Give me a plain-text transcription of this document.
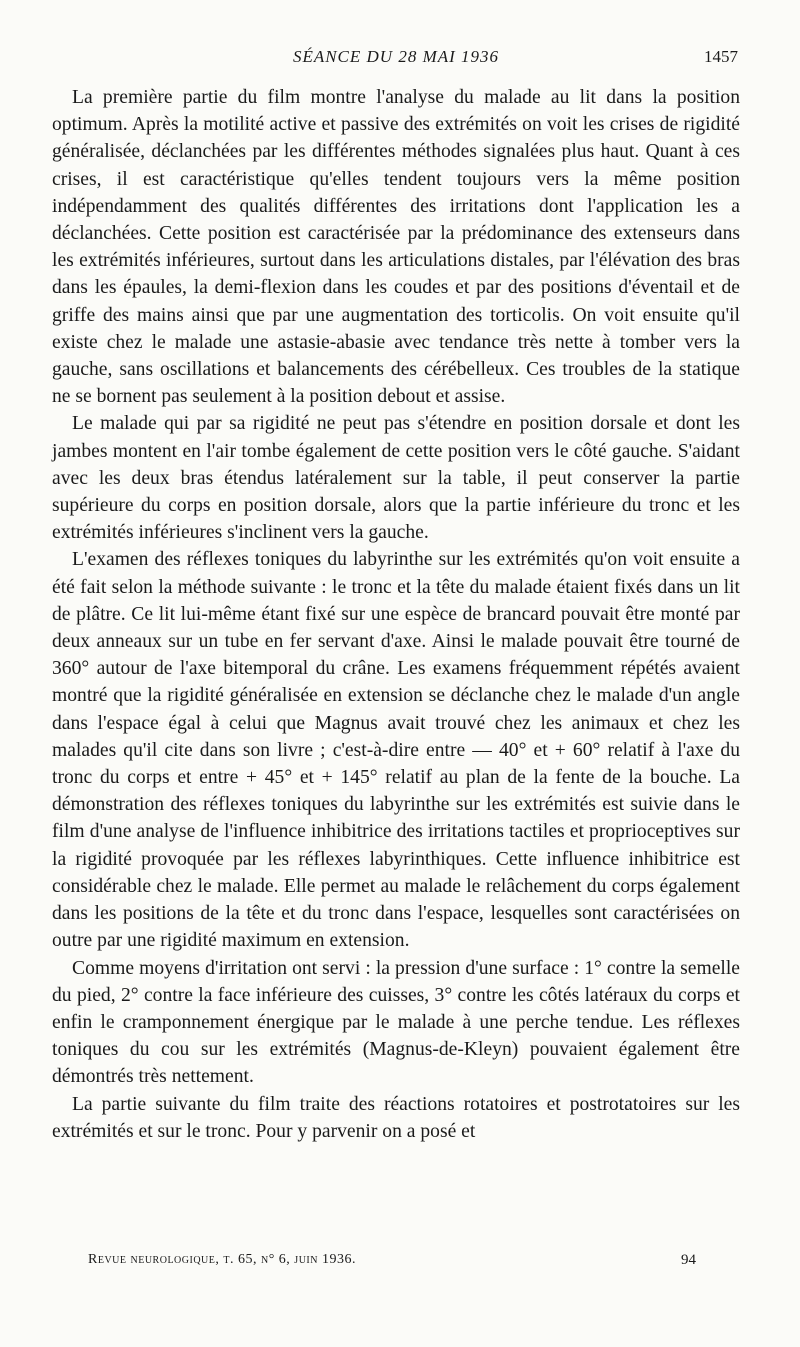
SÉANCE DU 28 MAI 1936	1457

La première partie du film montre l'analyse du malade au lit dans la position optimum. Après la motilité active et passive des extrémités on voit les crises de rigidité généralisée, déclanchées par les différentes méthodes signalées plus haut. Quant à ces crises, il est caractéristique qu'elles tendent toujours vers la même position indépendamment des qualités différentes des irritations dont l'application les a déclanchées. Cette position est caractérisée par la prédominance des extenseurs dans les extrémités inférieures, surtout dans les articulations distales, par l'élévation des bras dans les épaules, la demi-flexion dans les coudes et par des positions d'éventail et de griffe des mains ainsi que par une augmentation des torticolis. On voit ensuite qu'il existe chez le malade une astasie-abasie avec tendance très nette à tomber vers la gauche, sans oscillations et balancements des cérébelleux. Ces troubles de la statique ne se bornent pas seulement à la position debout et assise.

Le malade qui par sa rigidité ne peut pas s'étendre en position dorsale et dont les jambes montent en l'air tombe également de cette position vers le côté gauche. S'aidant avec les deux bras étendus latéralement sur la table, il peut conserver la partie supérieure du corps en position dorsale, alors que la partie inférieure du tronc et les extrémités inférieures s'inclinent vers la gauche.

L'examen des réflexes toniques du labyrinthe sur les extrémités qu'on voit ensuite a été fait selon la méthode suivante : le tronc et la tête du malade étaient fixés dans un lit de plâtre. Ce lit lui-même étant fixé sur une espèce de brancard pouvait être monté par deux anneaux sur un tube en fer servant d'axe. Ainsi le malade pouvait être tourné de 360° autour de l'axe bitemporal du crâne. Les examens fréquemment répétés avaient montré que la rigidité généralisée en extension se déclanche chez le malade d'un angle dans l'espace égal à celui que Magnus avait trouvé chez les animaux et chez les malades qu'il cite dans son livre ; c'est-à-dire entre — 40° et + 60° relatif à l'axe du tronc du corps et entre + 45° et + 145° relatif au plan de la fente de la bouche. La démonstration des réflexes toniques du labyrinthe sur les extrémités est suivie dans le film d'une analyse de l'influence inhibitrice des irritations tactiles et proprioceptives sur la rigidité provoquée par les réflexes labyrinthiques. Cette influence inhibitrice est considérable chez le malade. Elle permet au malade le relâchement du corps également dans les positions de la tête et du tronc dans l'espace, lesquelles sont caractérisées on outre par une rigidité maximum en extension.

Comme moyens d'irritation ont servi : la pression d'une surface : 1° contre la semelle du pied, 2° contre la face inférieure des cuisses, 3° contre les côtés latéraux du corps et enfin le cramponnement énergique par le malade à une perche tendue. Les réflexes toniques du cou sur les extrémités (Magnus-de-Kleyn) pouvaient également être démontrés très nettement.

La partie suivante du film traite des réactions rotatoires et postrotatoires sur les extrémités et sur le tronc. Pour y parvenir on a posé et

Revue neurologique, t. 65, n° 6, juin 1936.	94
